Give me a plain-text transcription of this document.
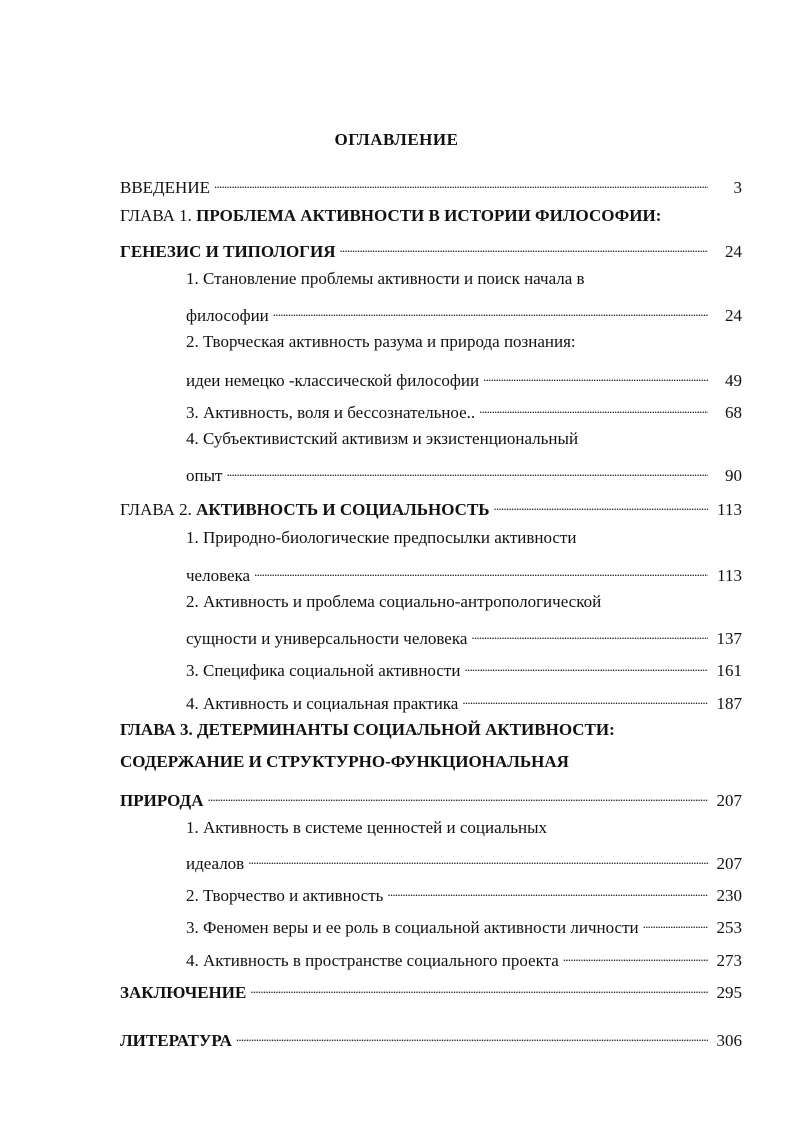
ОГЛАВЛЕНИЕ
ВВЕДЕНИЕ . . .	3
ГЛАВА 1. ПРОБЛЕМА АКТИВНОСТИ В ИСТОРИИ ФИЛОСОФИИ:
ГЕНЕЗИС И ТИПОЛОГИЯ . . .	24
1. Становление проблемы активности и поиск начала в
философии . . .	24
2. Творческая активность разума и природа познания:
идеи немецко -классической философии . . .	49
3. Активность, воля и бессознательное.. . . .	68
4. Субъективистский активизм и экзистенциональный
опыт . . .	90
ГЛАВА 2. АКТИВНОСТЬ И СОЦИАЛЬНОСТЬ . . .	113
1. Природно-биологические предпосылки активности
человека . . .	113
2. Активность и проблема социально-антропологической
сущности и универсальности человека . . .	137
3. Специфика социальной активности . . .	161
4. Активность и социальная практика . . .	187
ГЛАВА 3. ДЕТЕРМИНАНТЫ СОЦИАЛЬНОЙ АКТИВНОСТИ:
СОДЕРЖАНИЕ И СТРУКТУРНО-ФУНКЦИОНАЛЬНАЯ
ПРИРОДА . . .	207
1. Активность в системе ценностей и социальных
идеалов . . .	207
2. Творчество и активность . . .	230
3. Феномен веры и ее роль в социальной активности личности . . .	253
4. Активность в пространстве социального проекта . . .	273
ЗАКЛЮЧЕНИЕ . . .	295
ЛИТЕРАТУРА . . .	306
